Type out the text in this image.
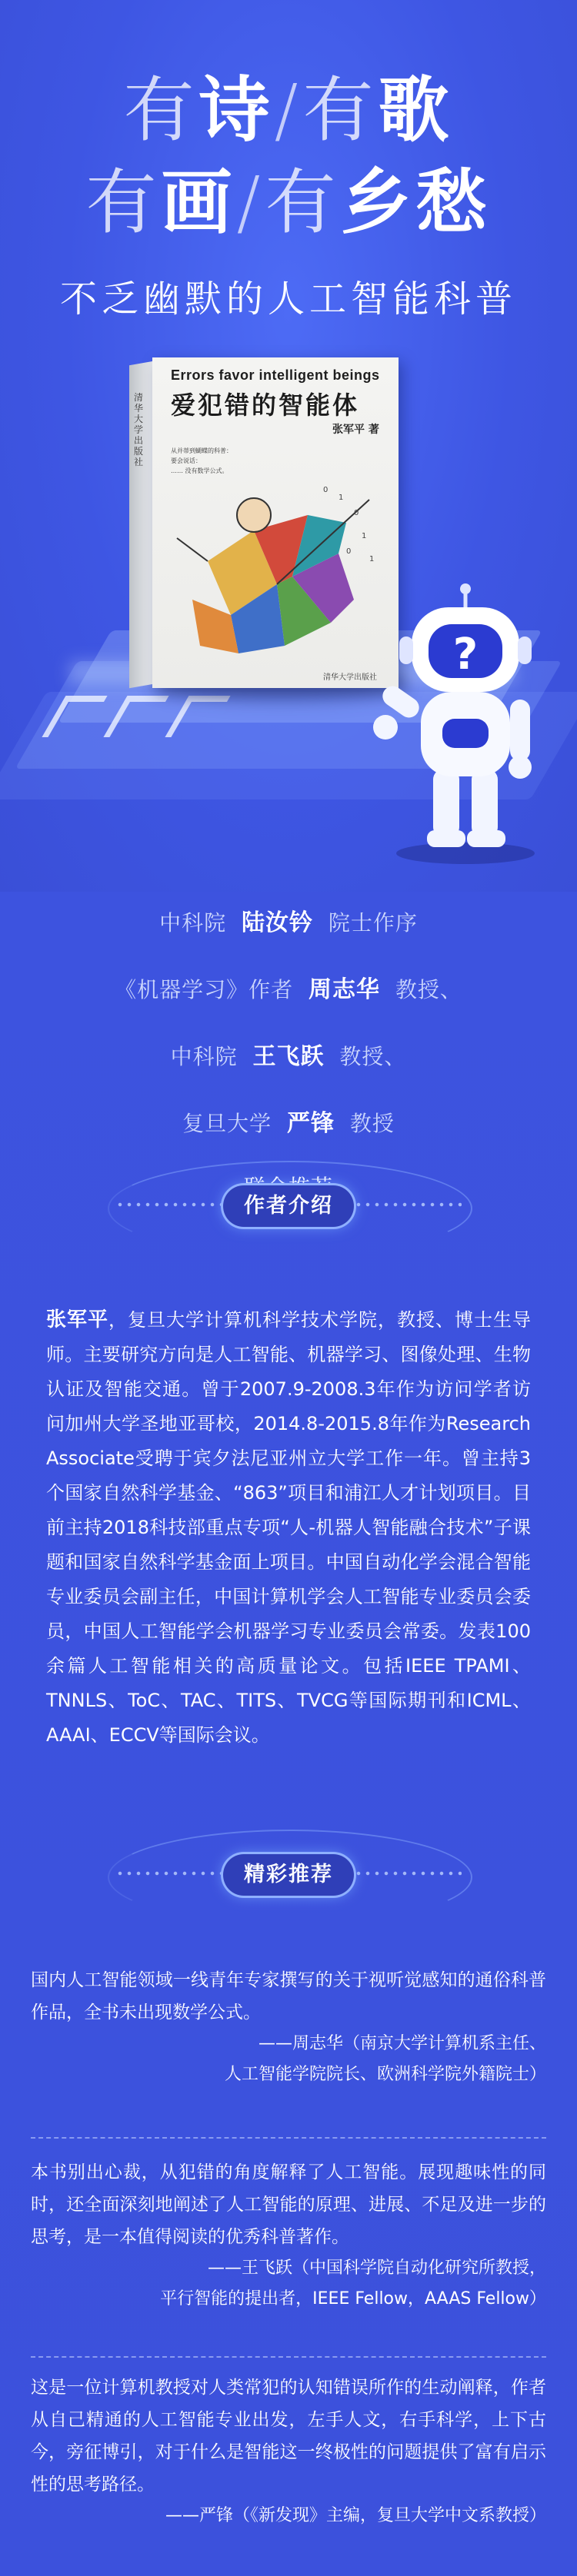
有诗/有歌
有画/有乡愁
不乏幽默的人工智能科普
清华大学出版社
Errors favor intelligent beings
爱犯错的智能体
张军平 著
从并蒂到蝴蝶的科普：
要会说话：
…… 没有数学公式。
1
0
1
0
1
0
清华大学出版社 ?
中科院 陆汝钤 院士作序
《机器学习》作者 周志华 教授、
中科院 王飞跃 教授、
复旦大学 严锋 教授
作者介绍
张军平，复旦大学计算机科学技术学院，教授、博士生导师。主要研究方向是人工智能、机器学习、图像处理、生物认证及智能交通。曾于2007.9-2008.3年作为访问学者访问加州大学圣地亚哥校，2014.8-2015.8年作为Research Associate受聘于宾夕法尼亚州立大学工作一年。曾主持3个国家自然科学基金、“863”项目和浦江人才计划项目。目前主持2018科技部重点专项“人-机器人智能融合技术”子课题和国家自然科学基金面上项目。中国自动化学会混合智能专业委员会副主任，中国计算机学会人工智能专业委员会委员，中国人工智能学会机器学习专业委员会常委。发表100余篇人工智能相关的高质量论文。包括IEEE TPAMI、TNNLS、ToC、TAC、TITS、TVCG等国际期刊和ICML、AAAI、ECCV等国际会议。
精彩推荐
国内人工智能领域一线青年专家撰写的关于视听觉感知的通俗科普作品，全书未出现数学公式。
——周志华（南京大学计算机系主任、
人工智能学院院长、欧洲科学院外籍院士）
本书别出心裁，从犯错的角度解释了人工智能。展现趣味性的同时，还全面深刻地阐述了人工智能的原理、进展、不足及进一步的思考，是一本值得阅读的优秀科普著作。
——王飞跃（中国科学院自动化研究所教授，
平行智能的提出者，IEEE Fellow，AAAS Fellow）
这是一位计算机教授对人类常犯的认知错误所作的生动阐释，作者从自己精通的人工智能专业出发，左手人文，右手科学，上下古今，旁征博引，对于什么是智能这一终极性的问题提供了富有启示性的思考路径。
——严锋（《新发现》主编，复旦大学中文系教授）
